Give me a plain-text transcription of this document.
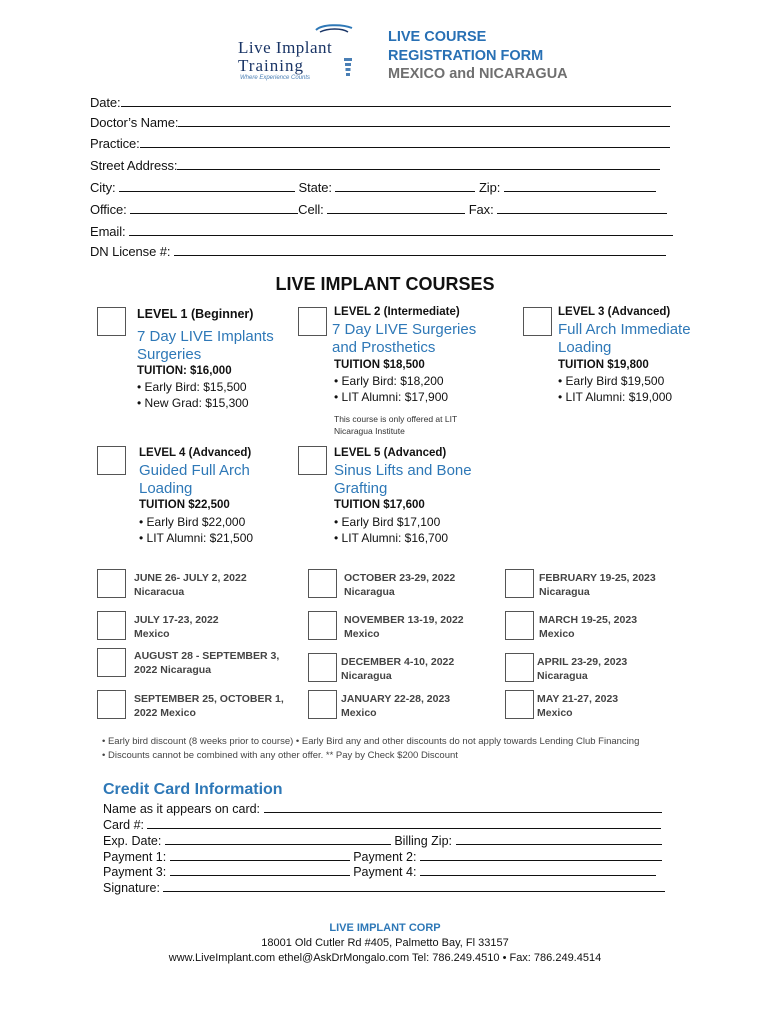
Live Implant
Training
Where Experience Counts
LIVE COURSE
REGISTRATION FORM
MEXICO and NICARAGUA
Date:
Doctor’s Name:
Practice:
Street Address:
City:	State:	Zip:
Office:	Cell:	Fax:
Email:
DN License #:
LIVE IMPLANT COURSES
LEVEL 1 (Beginner)
7 Day LIVE Implants Surgeries
TUITION: $16,000
• Early Bird: $15,500
• New Grad: $15,300
LEVEL 2 (Intermediate)
7 Day LIVE Surgeries and Prosthetics
TUITION $18,500
• Early Bird: $18,200
• LIT Alumni: $17,900
This course is only offered at LIT Nicaragua Institute
LEVEL 3 (Advanced)
Full Arch Immediate Loading
TUITION $19,800
• Early Bird $19,500
• LIT Alumni: $19,000
LEVEL 4 (Advanced)
Guided Full Arch Loading
TUITION $22,500
• Early Bird $22,000
• LIT Alumni: $21,500
LEVEL 5 (Advanced)
Sinus Lifts and Bone Grafting
TUITION $17,600
• Early Bird $17,100
• LIT Alumni: $16,700
JUNE 26- JULY 2, 2022
Nicaracua
JULY 17-23, 2022
Mexico
AUGUST 28 - SEPTEMBER 3,
2022 Nicaragua
SEPTEMBER 25, OCTOBER 1,
2022 Mexico
OCTOBER 23-29, 2022
Nicaragua
NOVEMBER 13-19, 2022
Mexico
DECEMBER 4-10, 2022
Nicaragua
JANUARY 22-28, 2023
Mexico
FEBRUARY 19-25, 2023
Nicaragua
MARCH 19-25, 2023
Mexico
APRIL 23-29, 2023
Nicaragua
MAY 21-27, 2023
Mexico
• Early bird discount (8 weeks prior to course) • Early Bird any and other discounts do not apply towards Lending Club Financing
• Discounts cannot be combined with any other offer. ** Pay by Check $200 Discount
Credit Card Information
Name as it appears on card:
Card #:
Exp. Date:	Billing Zip:
Payment 1:	Payment 2:
Payment 3:	Payment 4:
Signature:
LIVE IMPLANT CORP
18001 Old Cutler Rd #405, Palmetto Bay, Fl 33157
www.LiveImplant.com ethel@AskDrMongalo.com Tel: 786.249.4510 • Fax: 786.249.4514
